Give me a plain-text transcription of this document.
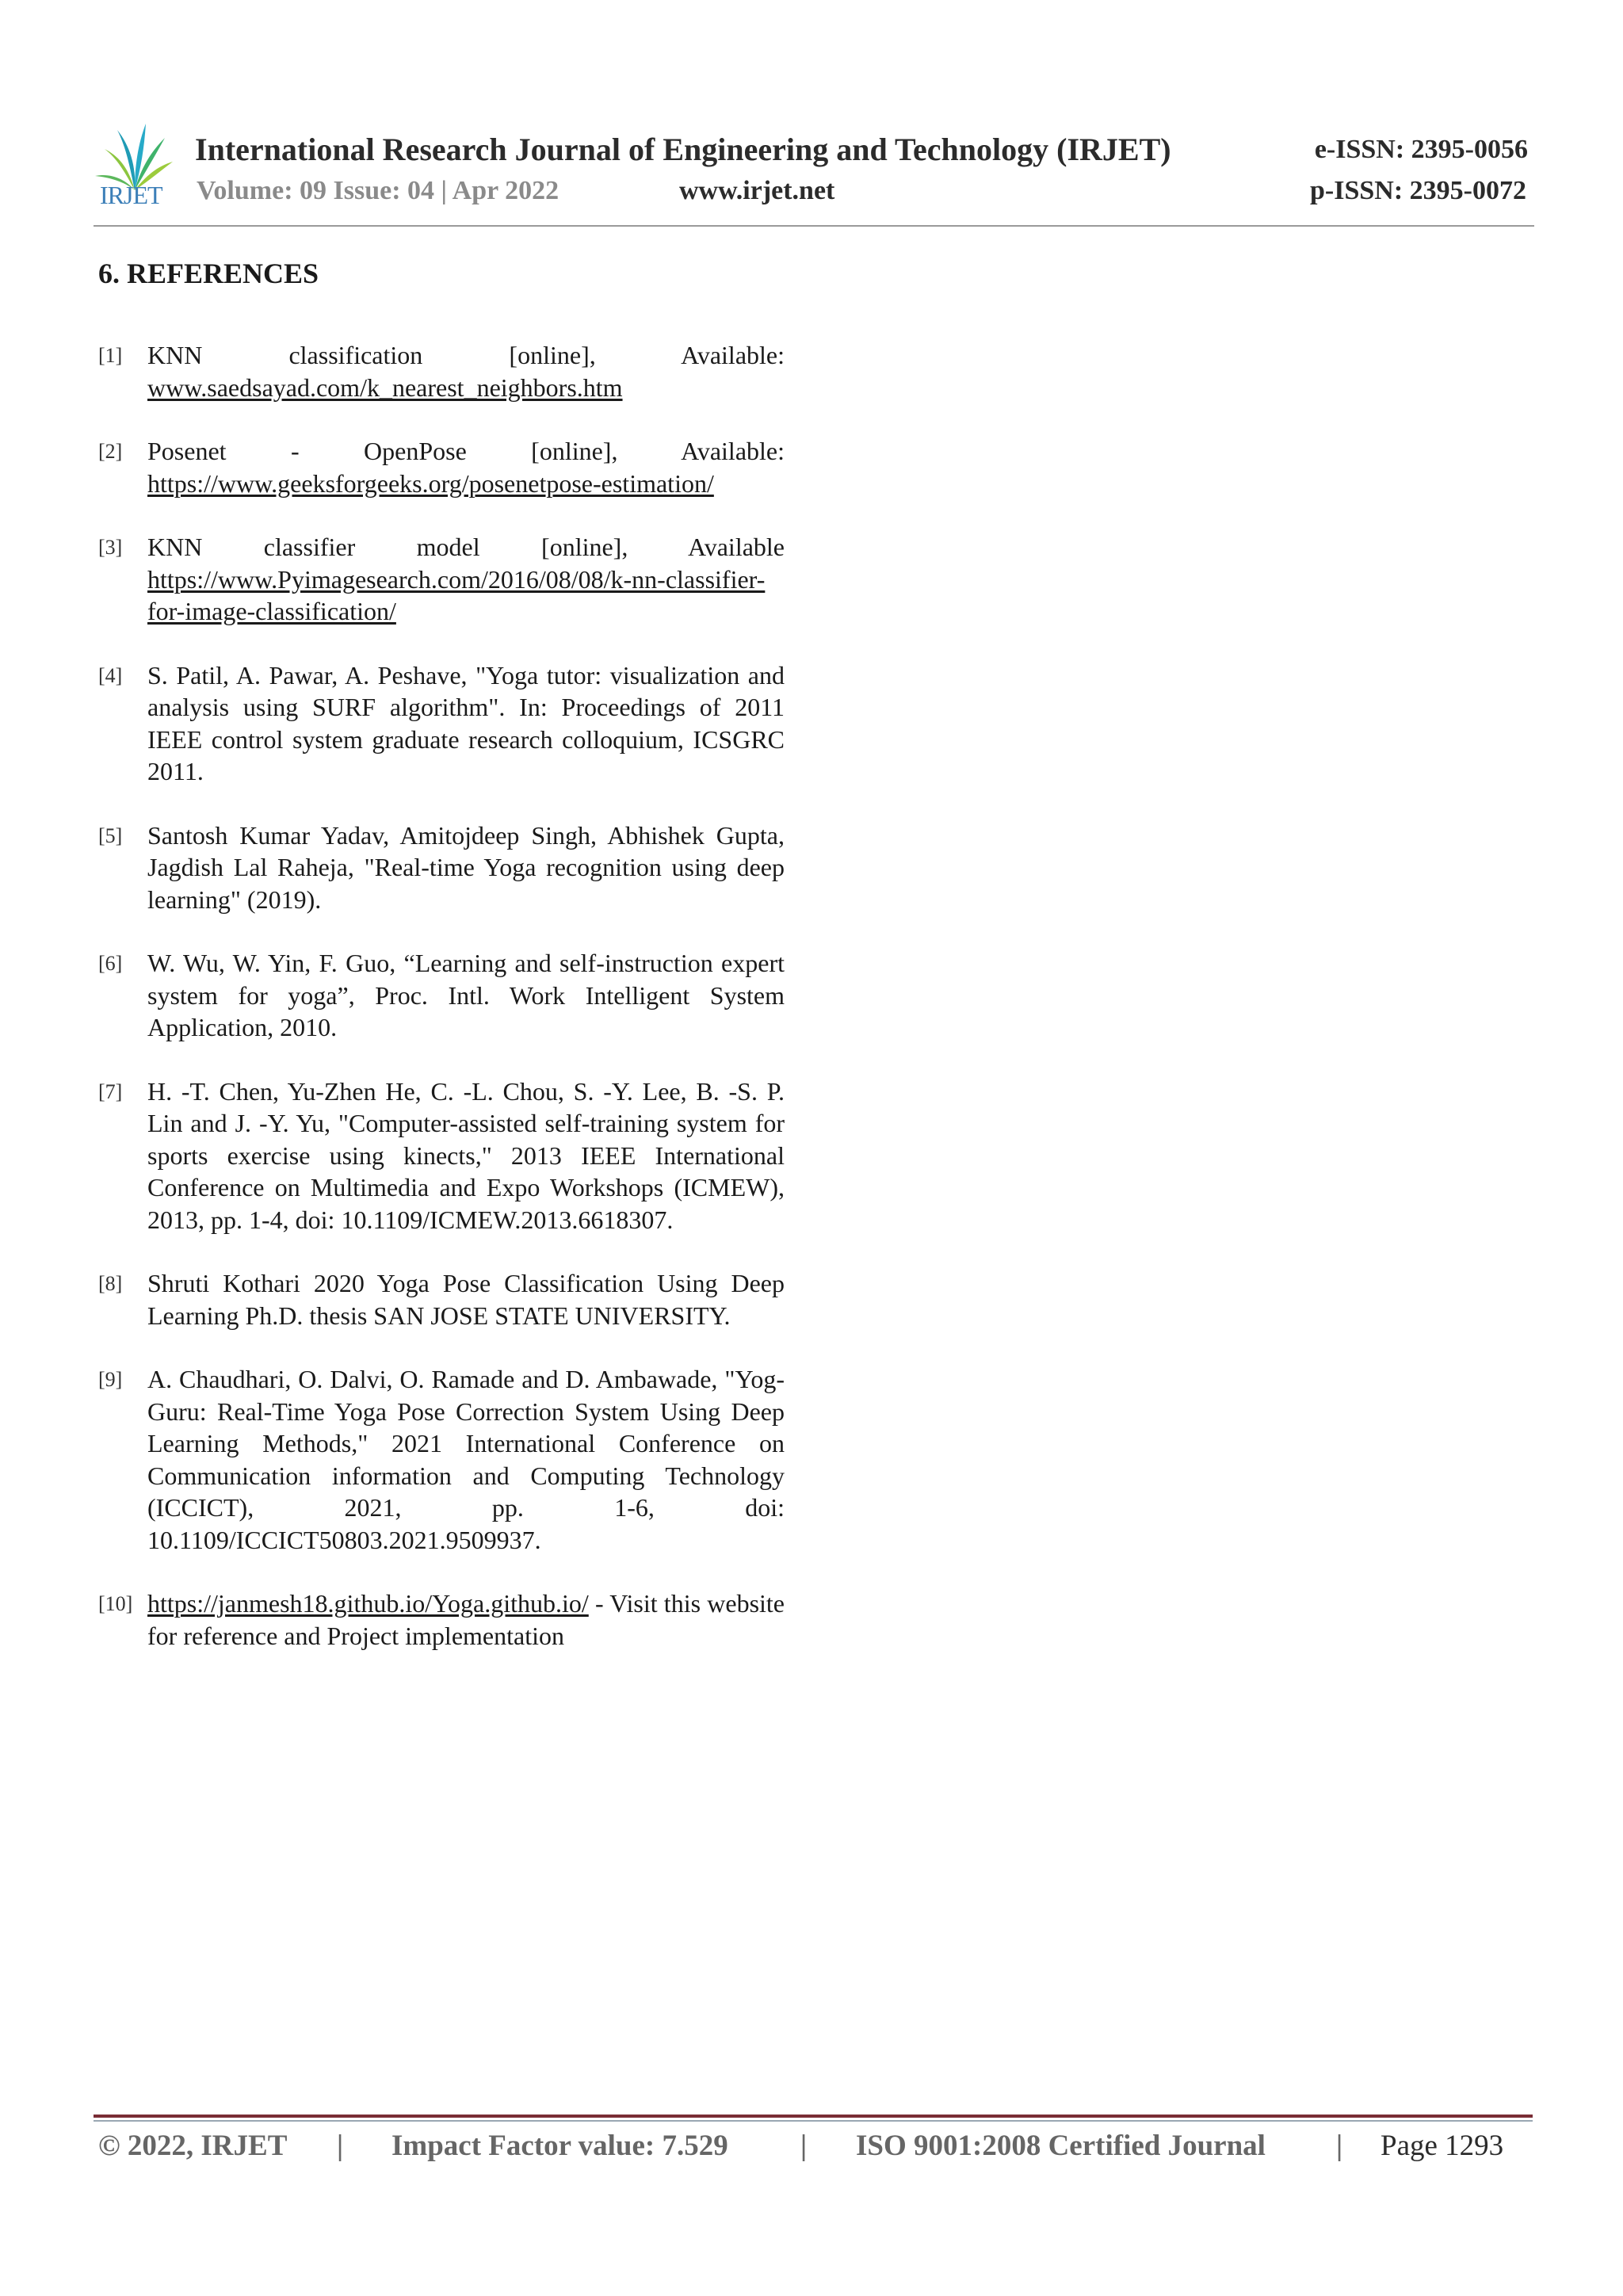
IRJET
International Research Journal of Engineering and Technology (IRJET)	e-ISSN: 2395-0056
Volume: 09 Issue: 04 | Apr 2022	www.irjet.net	p-ISSN: 2395-0072
6. REFERENCES
[1] KNN classification [online], Available: www.saedsayad.com/k_nearest_neighbors.htm
[2] Posenet - OpenPose [online], Available: https://www.geeksforgeeks.org/posenetpose-estimation/
[3] KNN classifier model [online], Available https://www.Pyimagesearch.com/2016/08/08/k-nn-classifier-for-image-classification/
[4] S. Patil, A. Pawar, A. Peshave, "Yoga tutor: visualization and analysis using SURF algorithm". In: Proceedings of 2011 IEEE control system graduate research colloquium, ICSGRC 2011.
[5] Santosh Kumar Yadav, Amitojdeep Singh, Abhishek Gupta, Jagdish Lal Raheja, "Real-time Yoga recognition using deep learning" (2019).
[6] W. Wu, W. Yin, F. Guo, “Learning and self-instruction expert system for yoga”, Proc. Intl. Work Intelligent System Application, 2010.
[7] H. -T. Chen, Yu-Zhen He, C. -L. Chou, S. -Y. Lee, B. -S. P. Lin and J. -Y. Yu, "Computer-assisted self-training system for sports exercise using kinects," 2013 IEEE International Conference on Multimedia and Expo Workshops (ICMEW), 2013, pp. 1-4, doi: 10.1109/ICMEW.2013.6618307.
[8] Shruti Kothari 2020 Yoga Pose Classification Using Deep Learning Ph.D. thesis SAN JOSE STATE UNIVERSITY.
[9] A. Chaudhari, O. Dalvi, O. Ramade and D. Ambawade, "Yog-Guru: Real-Time Yoga Pose Correction System Using Deep Learning Methods," 2021 International Conference on Communication information and Computing Technology (ICCICT), 2021, pp. 1-6, doi: 10.1109/ICCICT50803.2021.9509937.
[10] https://janmesh18.github.io/Yoga.github.io/ - Visit this website for reference and Project implementation
© 2022, IRJET | Impact Factor value: 7.529 | ISO 9001:2008 Certified Journal | Page 1293
